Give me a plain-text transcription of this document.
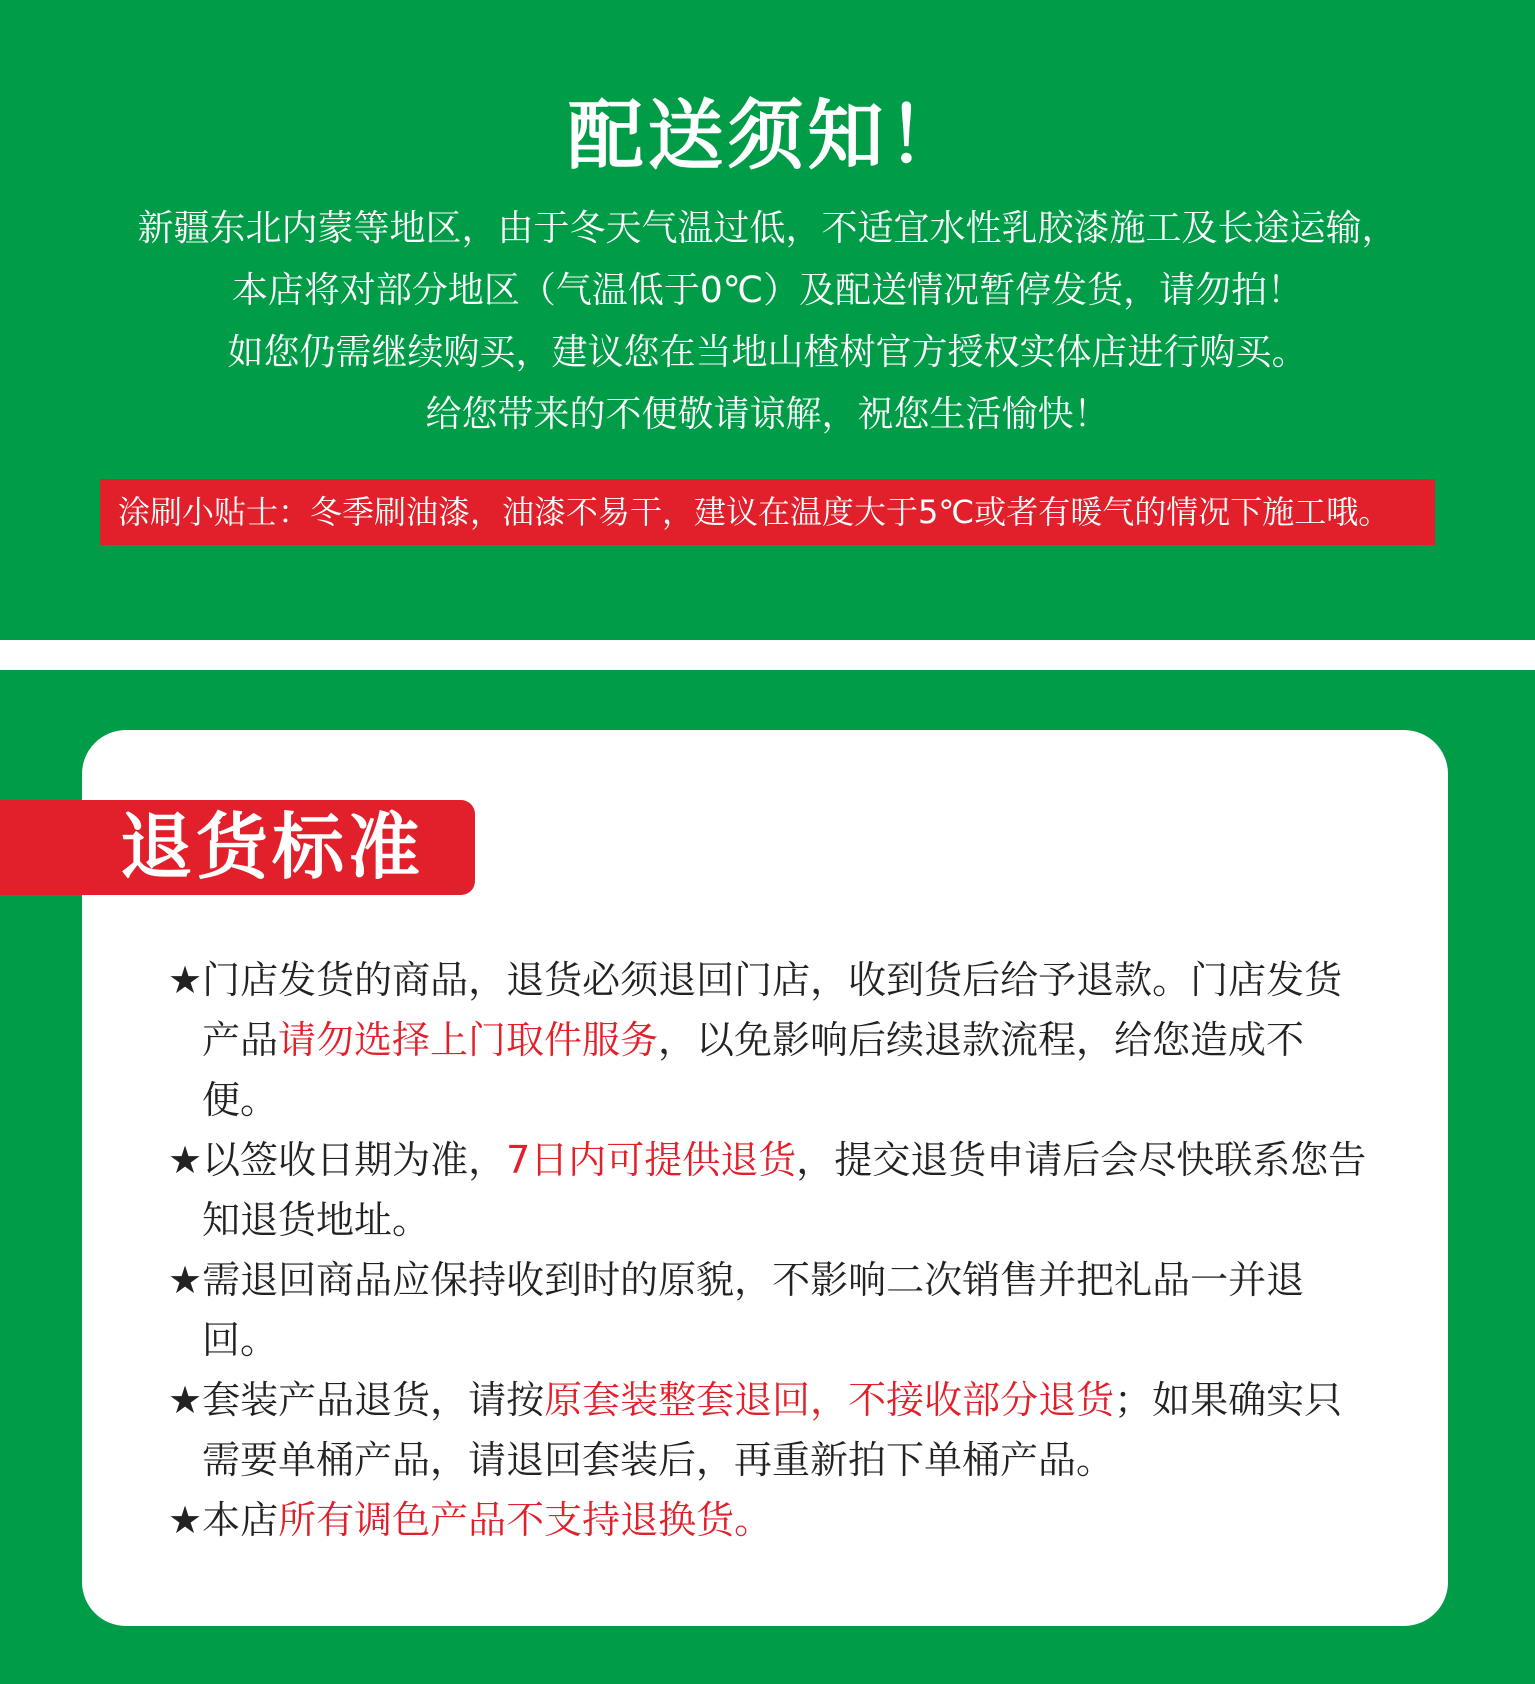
配送须知！
新疆东北内蒙等地区，由于冬天气温过低，不适宜水性乳胶漆施工及长途运输，
本店将对部分地区（气温低于0℃）及配送情况暂停发货，请勿拍！
如您仍需继续购买，建议您在当地山楂树官方授权实体店进行购买。
给您带来的不便敬请谅解，祝您生活愉快！
涂刷小贴士：冬季刷油漆，油漆不易干，建议在温度大于5℃或者有暖气的情况下施工哦。
退货标准
★门店发货的商品，退货必须退回门店，收到货后给予退款。门店发货产品请勿选择上门取件服务，以免影响后续退款流程，给您造成不便。
★以签收日期为准，7日内可提供退货，提交退货申请后会尽快联系您告知退货地址。
★需退回商品应保持收到时的原貌，不影响二次销售并把礼品一并退回。
★套装产品退货，请按原套装整套退回，不接收部分退货；如果确实只需要单桶产品，请退回套装后，再重新拍下单桶产品。
★本店所有调色产品不支持退换货。
